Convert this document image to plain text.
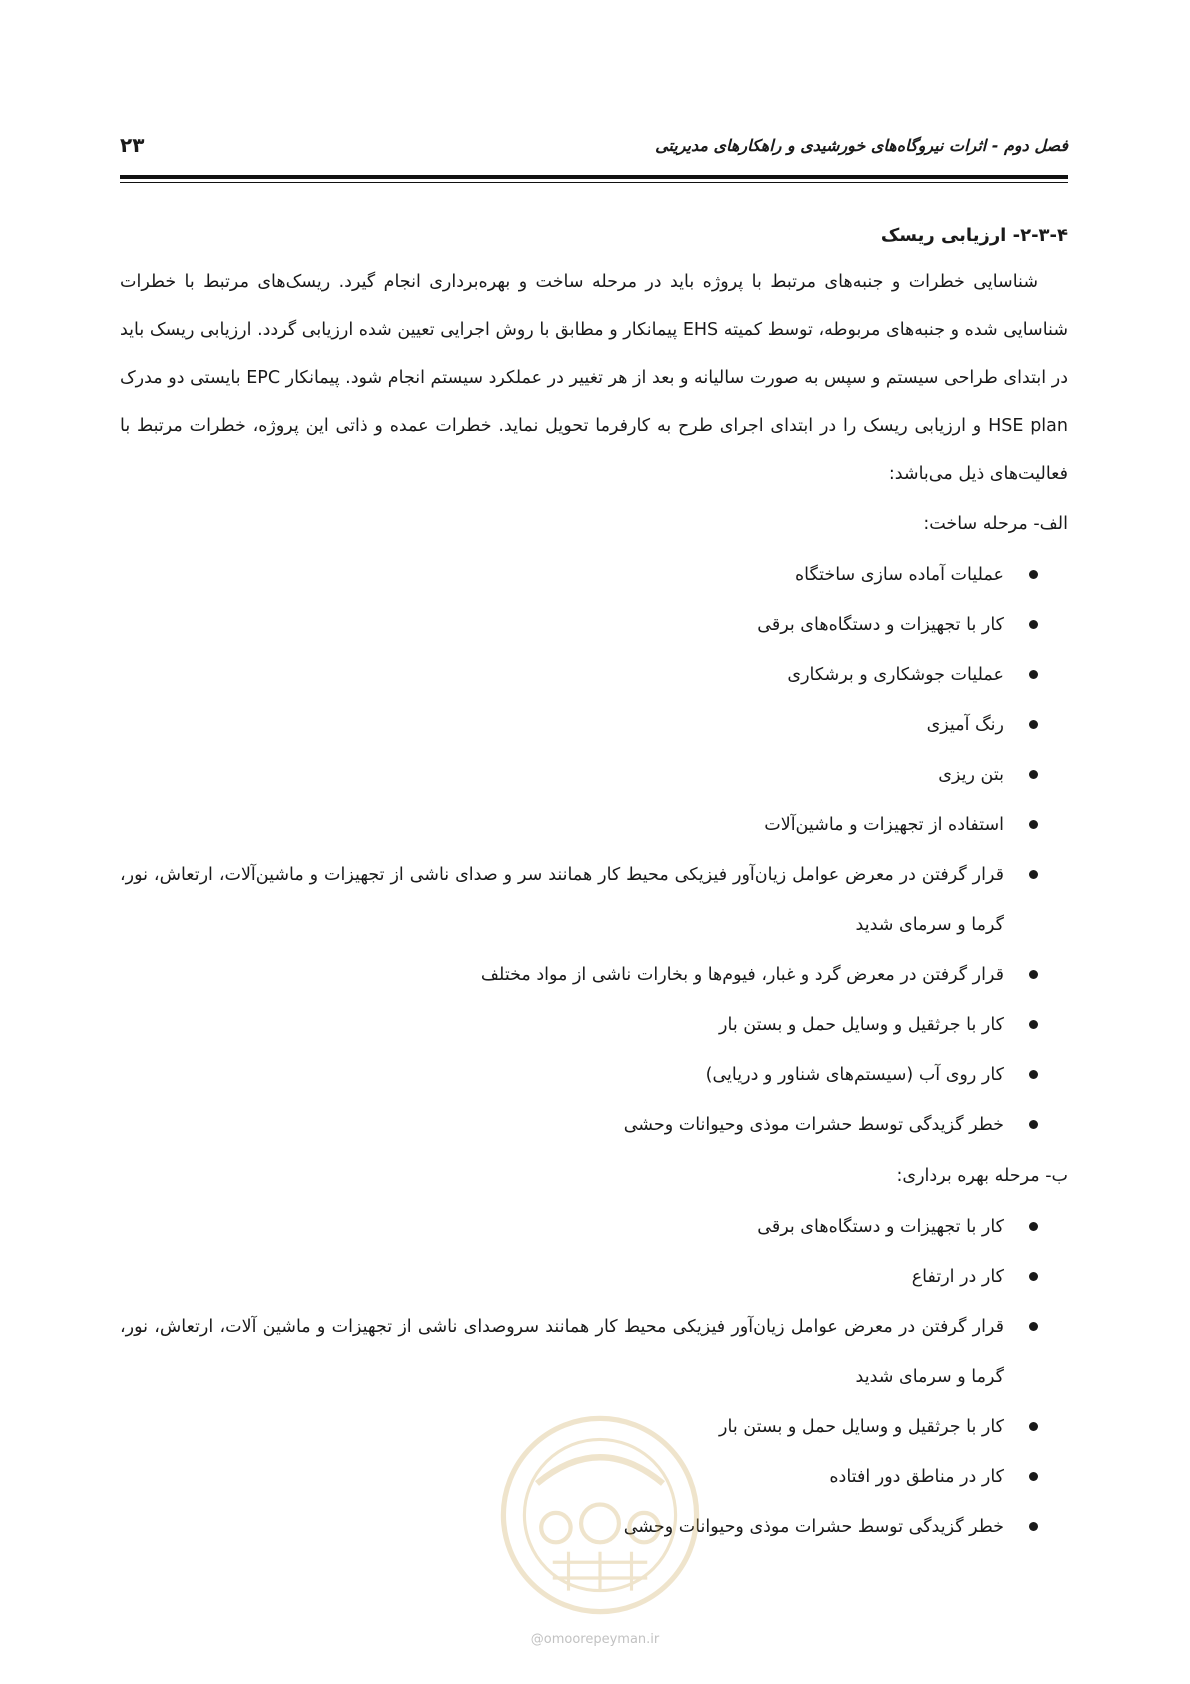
فصل دوم - اثرات نیروگاه‌های خورشیدی و راهکارهای مدیریتی
۲۳
۲-۳-۴- ارزیابی ریسک

شناسایی خطرات و جنبه‌های مرتبط با پروژه باید در مرحله ساخت و بهره‌برداری انجام گیرد. ریسک‌های مرتبط با خطرات شناسایی شده و جنبه‌های مربوطه، توسط کمیته EHS پیمانکار و مطابق با روش اجرایی تعیین شده ارزیابی گردد. ارزیابی ریسک باید در ابتدای طراحی سیستم و سپس به صورت سالیانه و بعد از هر تغییر در عملکرد سیستم انجام شود. پیمانکار EPC بایستی دو مدرک HSE plan و ارزیابی ریسک را در ابتدای اجرای طرح به کارفرما تحویل نماید. خطرات عمده و ذاتی این پروژه، خطرات مرتبط با فعالیت‌های ذیل می‌باشد:

الف- مرحله ساخت:
عملیات آماده سازی ساختگاه
کار با تجهیزات و دستگاه‌های برقی
عملیات جوشکاری و برشکاری
رنگ آمیزی
بتن ریزی
استفاده از تجهیزات و ماشین‌آلات
قرار گرفتن در معرض عوامل زیان‌آور فیزیکی محیط کار همانند سر و صدای ناشی از تجهیزات و ماشین‌آلات، ارتعاش، نور، گرما و سرمای شدید
قرار گرفتن در معرض گرد و غبار، فیوم‌ها و بخارات ناشی از مواد مختلف
کار با جرثقیل و وسایل حمل و بستن بار
کار روی آب (سیستم‌های شناور و دریایی)
خطر گزیدگی توسط حشرات موذی وحیوانات وحشی
ب- مرحله بهره برداری:
کار با تجهیزات و دستگاه‌های برقی
کار در ارتفاع
قرار گرفتن در معرض عوامل زیان‌آور فیزیکی محیط کار همانند سروصدای ناشی از تجهیزات و ماشین آلات، ارتعاش، نور، گرما و سرمای شدید
کار با جرثقیل و وسایل حمل و بستن بار
کار در مناطق دور افتاده
خطر گزیدگی توسط حشرات موذی وحیوانات وحشی
@omoorepeyman.ir
